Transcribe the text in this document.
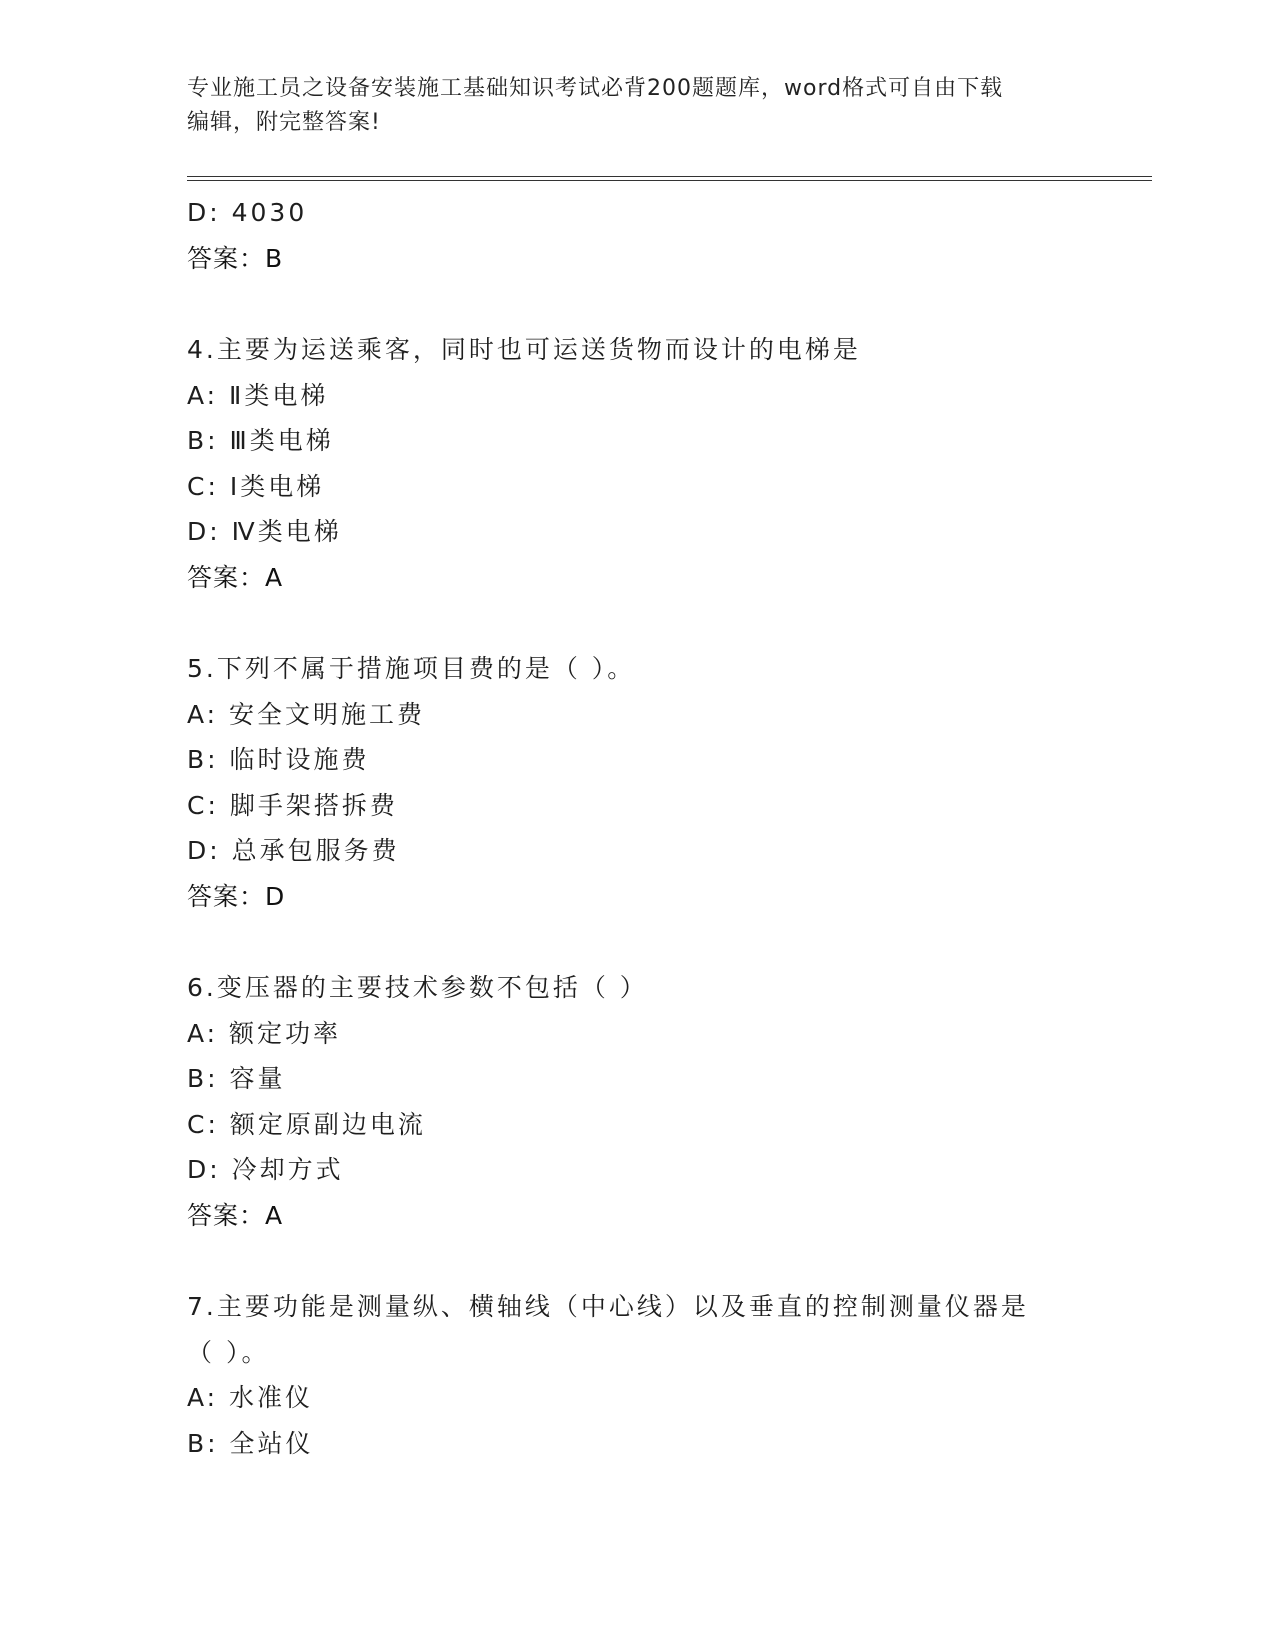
专业施工员之设备安装施工基础知识考试必背200题题库，word格式可自由下载
编辑，附完整答案!
D: 4030
答案：B
4.主要为运送乘客，同时也可运送货物而设计的电梯是
A: Ⅱ类电梯
B: Ⅲ类电梯
C: Ⅰ类电梯
D: Ⅳ类电梯
答案：A
5.下列不属于措施项目费的是（ ）。
A: 安全文明施工费
B: 临时设施费
C: 脚手架搭拆费
D: 总承包服务费
答案：D
6.变压器的主要技术参数不包括（ ）
A: 额定功率
B: 容量
C: 额定原副边电流
D: 冷却方式
答案：A
7.主要功能是测量纵、横轴线（中心线）以及垂直的控制测量仪器是
（ ）。
A: 水准仪
B: 全站仪
